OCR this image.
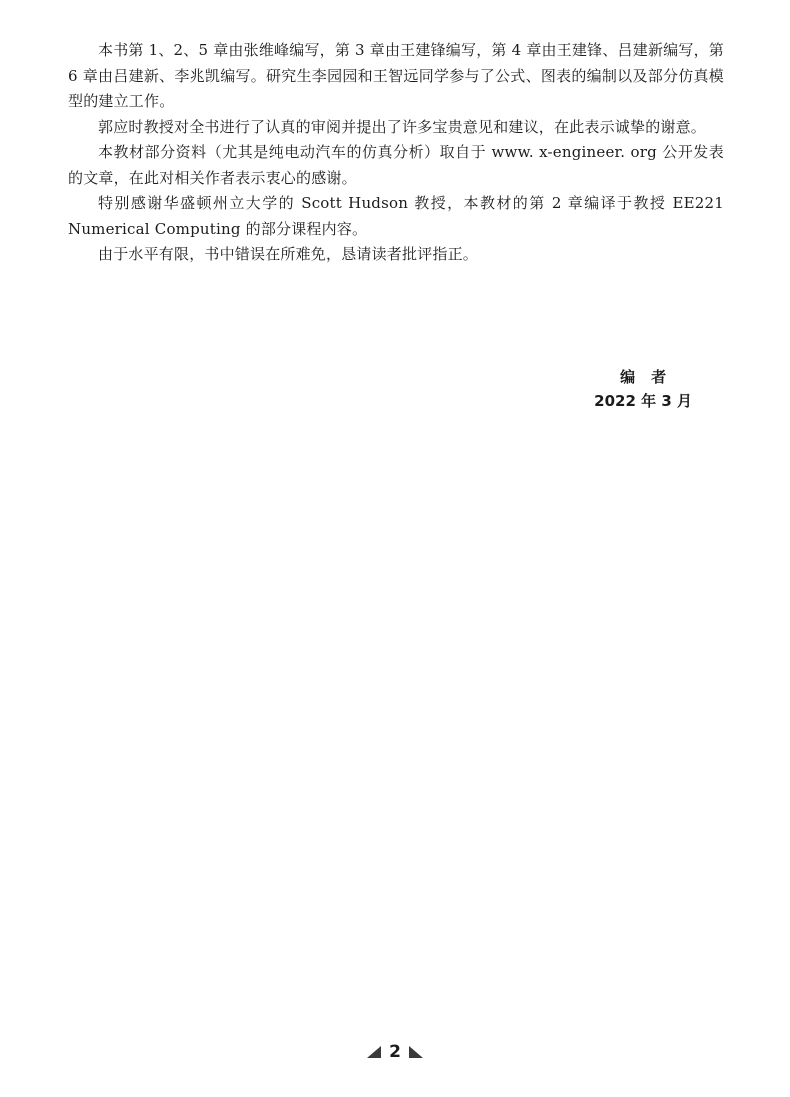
本书第 1、2、5 章由张维峰编写，第 3 章由王建锋编写，第 4 章由王建锋、吕建新编写，第 6 章由吕建新、李兆凯编写。研究生李园园和王智远同学参与了公式、图表的编制以及部分仿真模型的建立工作。

郭应时教授对全书进行了认真的审阅并提出了许多宝贵意见和建议，在此表示诚挚的谢意。

本教材部分资料（尤其是纯电动汽车的仿真分析）取自于 www. x-engineer. org 公开发表的文章，在此对相关作者表示衷心的感谢。

特别感谢华盛顿州立大学的 Scott Hudson 教授，本教材的第 2 章编译于教授 EE221 Numerical Computing 的部分课程内容。

由于水平有限，书中错误在所难免，恳请读者批评指正。

编者
2022 年 3 月
2
